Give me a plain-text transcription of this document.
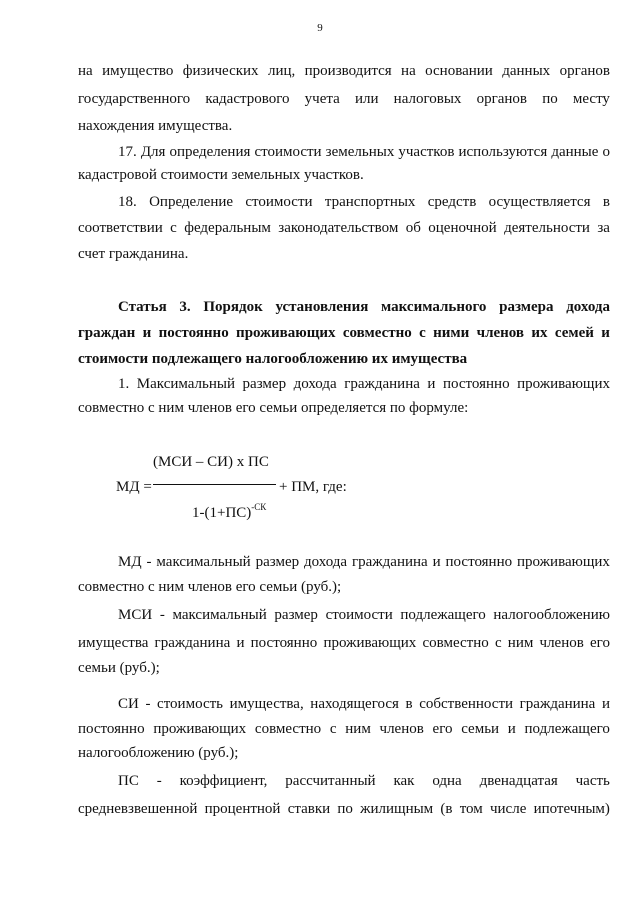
9
на имущество физических лиц, производится на основании данных органов
государственного кадастрового учета или налоговых органов по месту
нахождения имущества.
17. Для определения стоимости земельных участков используются данные о
кадастровой стоимости земельных участков.
18. Определение стоимости транспортных средств осуществляется в
соответствии с федеральным законодательством об оценочной деятельности за
счет гражданина.
Статья 3. Порядок установления максимального размера дохода
граждан и постоянно проживающих совместно с ними членов их семей и
стоимости подлежащего налогообложению их имущества
1. Максимальный размер дохода гражданина и постоянно проживающих
совместно с ним членов его семьи определяется по формуле:
(МСИ – СИ) х ПС
МД =	+ ПМ, где:
$1-(1+ПС)^{-СК}$
МД - максимальный размер дохода гражданина и постоянно проживающих
совместно с ним членов его семьи (руб.);
МСИ - максимальный размер стоимости подлежащего налогообложению
имущества гражданина и постоянно проживающих совместно с ним членов его
семьи (руб.);
СИ - стоимость имущества, находящегося в собственности гражданина и
постоянно проживающих совместно с ним членов его семьи и подлежащего
налогообложению (руб.);
ПС - коэффициент, рассчитанный как одна двенадцатая часть
средневзвешенной процентной ставки по жилищным (в том числе ипотечным)
